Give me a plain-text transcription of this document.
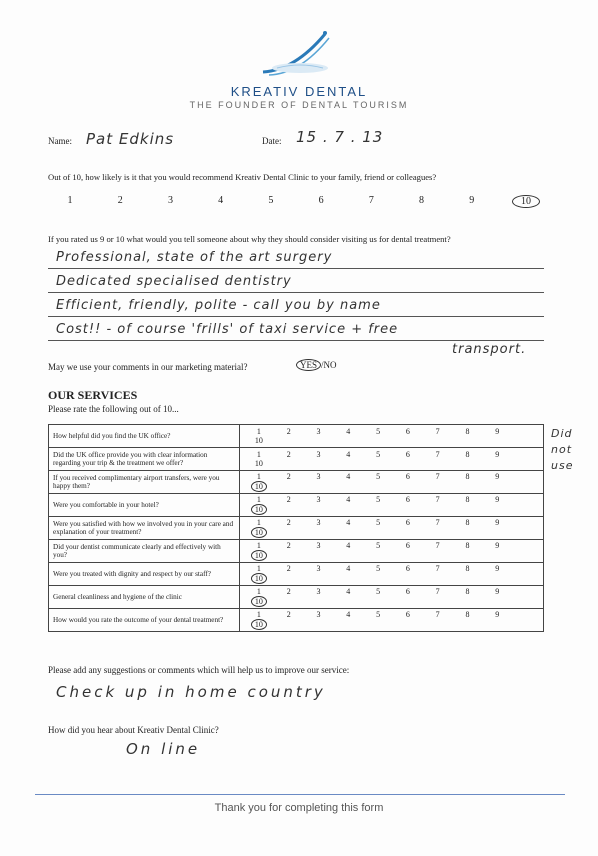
KREATIV DENTAL
THE FOUNDER OF DENTAL TOURISM
Name: Pat Edkins	Date: 15 . 7 . 13
Out of 10, how likely is it that you would recommend Kreativ Dental Clinic to your family, friend or colleagues?
1	2	3	4	5	6	7	8	9	10
If you rated us 9 or 10 what would you tell someone about why they should consider visiting us for dental treatment?
Professional, state of the art surgery
Dedicated specialised dentistry
Efficient, friendly, polite - call you by name
Cost!! - of course 'frills' of taxi service + free
transport.
May we use your comments in our marketing material?	YES /NO
OUR SERVICES
Please rate the following out of 10...
How helpful did you find the UK office?	1 2 3 4 5 6 7 8 910
Did the UK office provide you with clear information regarding your trip & the treatment we offer?	1 2 3 4 5 6 7 8 910
If you received complimentary airport transfers, were you happy them?	1 2 3 4 5 6 7 8 910
Were you comfortable in your hotel?	1 2 3 4 5 6 7 8 910
Were you satisfied with how we involved you in your care and explanation of your treatment?	1 2 3 4 5 6 7 8 910
Did your dentist communicate clearly and effectively with you?	1 2 3 4 5 6 7 8 910
Were you treated with dignity and respect by our staff?	1 2 3 4 5 6 7 8 910
General cleanliness and hygiene of the clinic	1 2 3 4 5 6 7 8 910
How would you rate the outcome of your dental treatment?	1 2 3 4 5 6 7 8 910
Did not use
Please add any suggestions or comments which will help us to improve our service:
Check up in home country
How did you hear about Kreativ Dental Clinic?
On line
Thank you for completing this form
